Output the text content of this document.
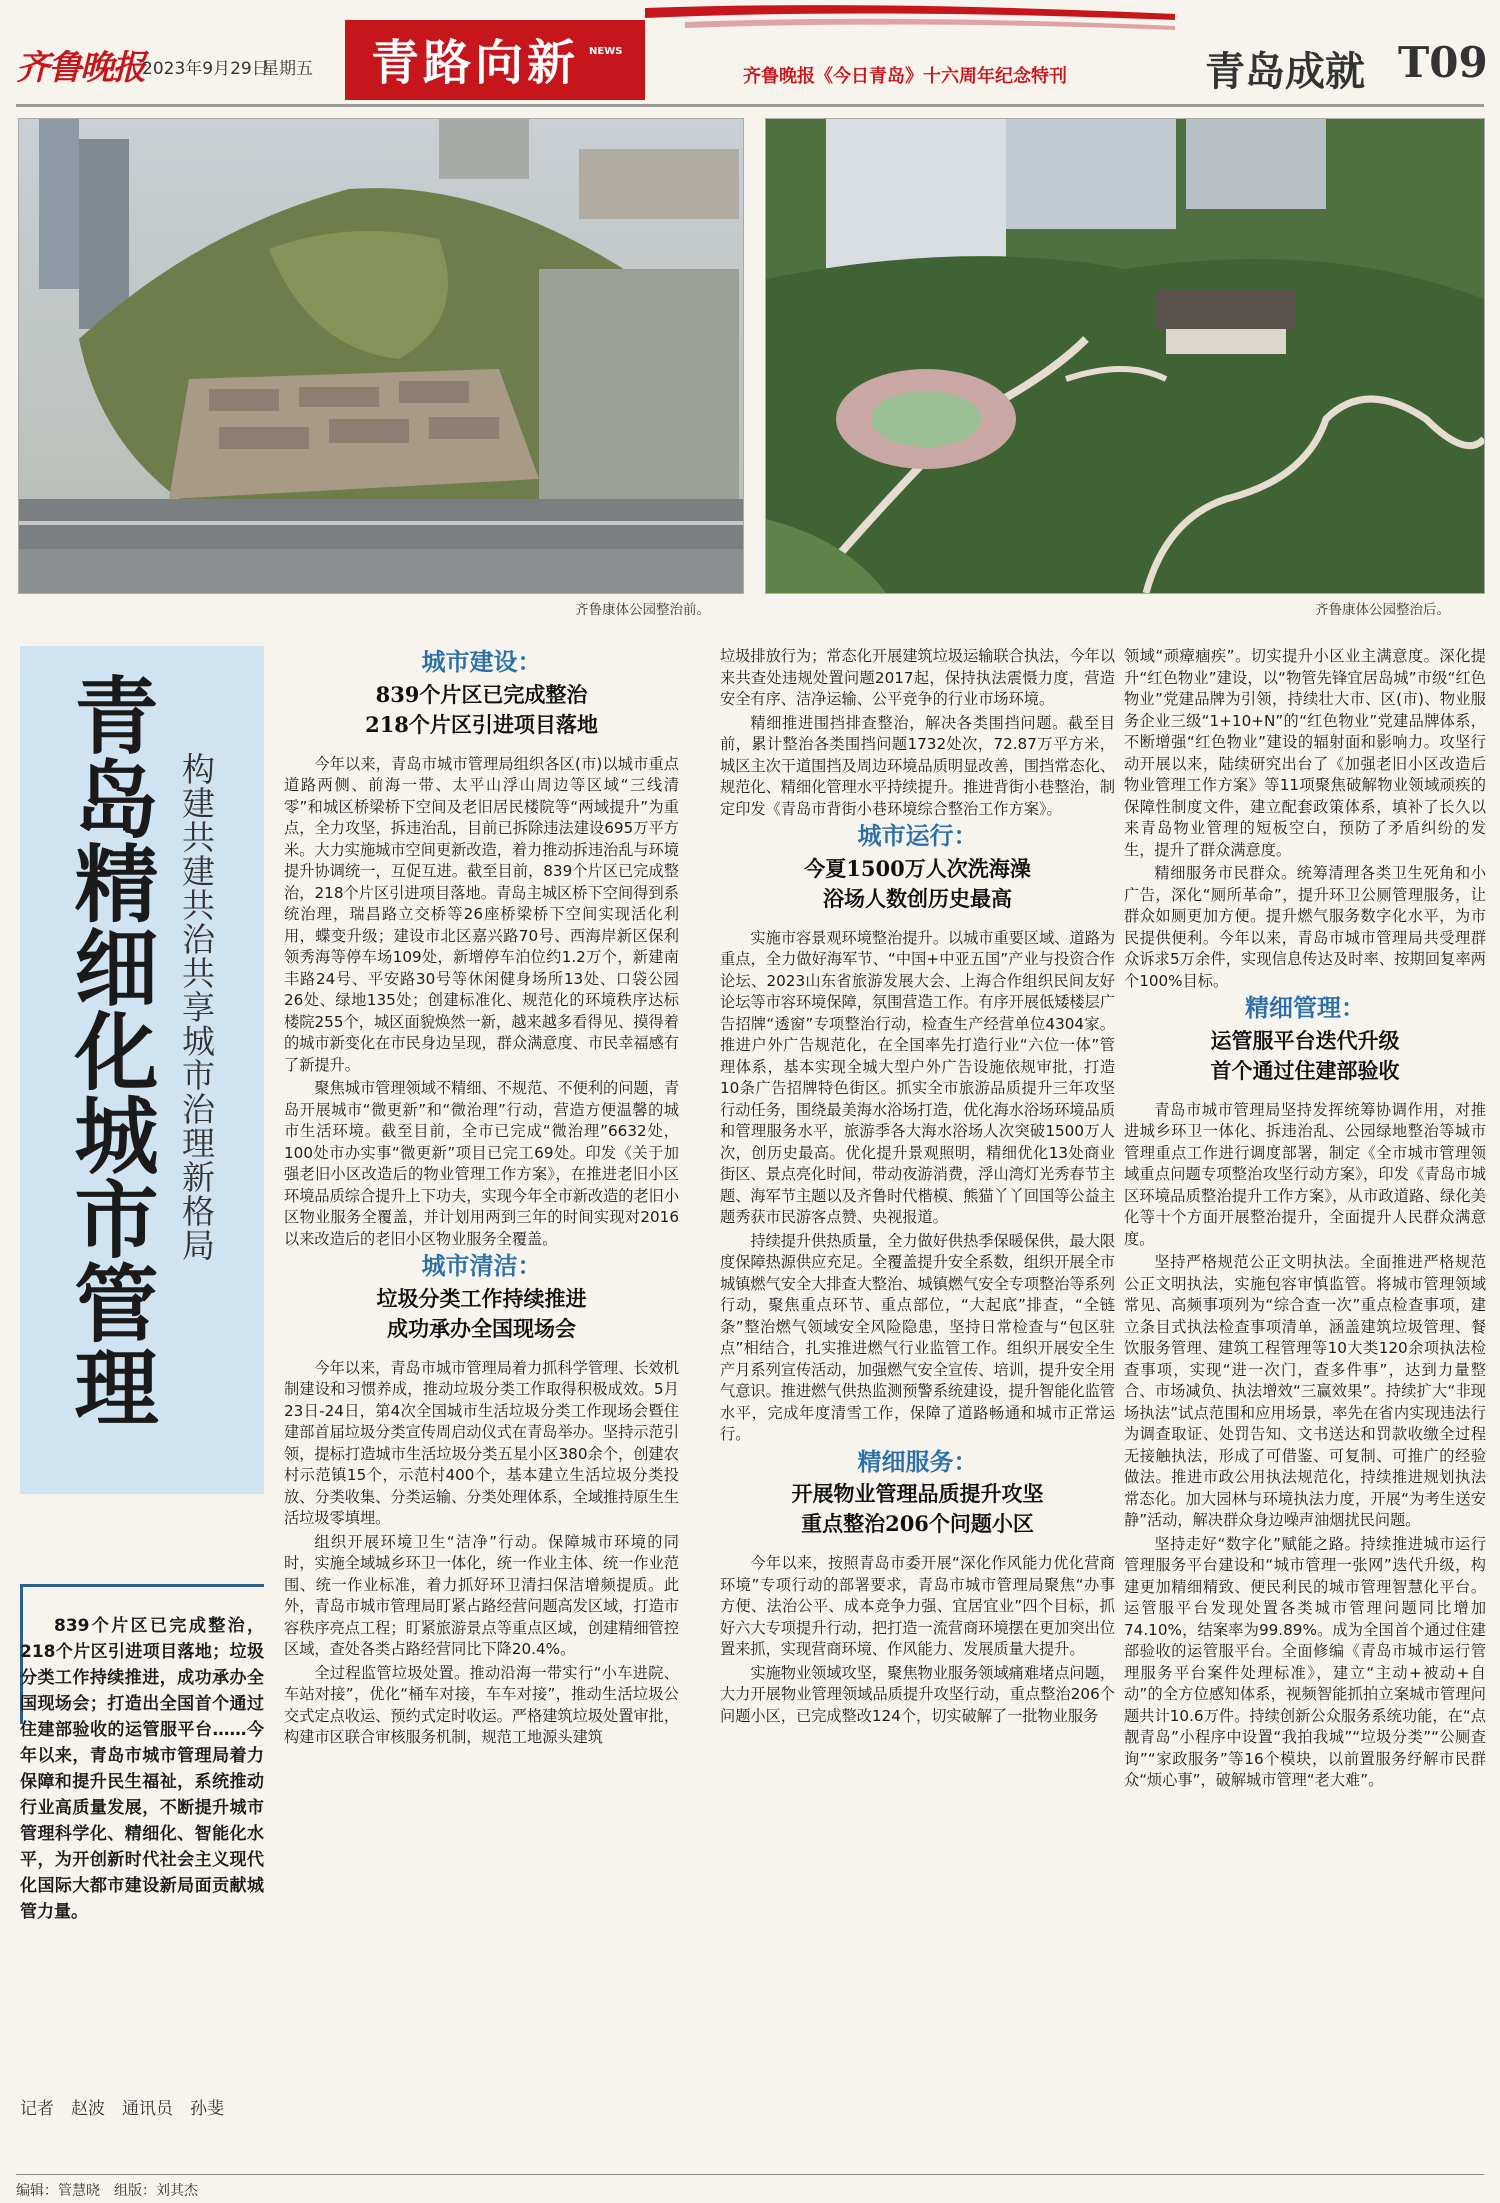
齐鲁晚报
2023年9月29日
星期五 青路向新 NEWS
齐鲁晚报《今日青岛》十六周年纪念特刊	青岛成就 T09
齐鲁康体公园整治前。	齐鲁康体公园整治后。
青岛精细化城市管理 构建共建共治共享城市治理新格局
839个片区已完成整治，218个片区引进项目落地；垃圾分类工作持续推进，成功承办全国现场会；打造出全国首个通过住建部验收的运管服平台……今年以来，青岛市城市管理局着力保障和提升民生福祉，系统推动行业高质量发展，不断提升城市管理科学化、精细化、智能化水平，为开创新时代社会主义现代化国际大都市建设新局面贡献城管力量。
记者　赵波　通讯员　孙斐
城市建设：
839个片区已完成整治
218个片区引进项目落地

今年以来，青岛市城市管理局组织各区(市)以城市重点道路两侧、前海一带、太平山浮山周边等区域“三线清零”和城区桥梁桥下空间及老旧居民楼院等“两域提升”为重点，全力攻坚，拆违治乱，目前已拆除违法建设695万平方米。大力实施城市空间更新改造，着力推动拆违治乱与环境提升协调统一，互促互进。截至目前，839个片区已完成整治，218个片区引进项目落地。青岛主城区桥下空间得到系统治理，瑞昌路立交桥等26座桥梁桥下空间实现活化利用，蝶变升级；建设市北区嘉兴路70号、西海岸新区保利领秀海等停车场109处，新增停车泊位约1.2万个，新建南丰路24号、平安路30号等休闲健身场所13处、口袋公园26处、绿地135处；创建标准化、规范化的环境秩序达标楼院255个，城区面貌焕然一新，越来越多看得见、摸得着的城市新变化在市民身边呈现，群众满意度、市民幸福感有了新提升。

聚焦城市管理领域不精细、不规范、不便利的问题，青岛开展城市“微更新”和“微治理”行动，营造方便温馨的城市生活环境。截至目前，全市已完成“微治理”6632处，100处市办实事“微更新”项目已完工69处。印发《关于加强老旧小区改造后的物业管理工作方案》，在推进老旧小区环境品质综合提升上下功夫，实现今年全市新改造的老旧小区物业服务全覆盖，并计划用两到三年的时间实现对2016以来改造后的老旧小区物业服务全覆盖。

城市清洁：
垃圾分类工作持续推进
成功承办全国现场会

今年以来，青岛市城市管理局着力抓科学管理、长效机制建设和习惯养成，推动垃圾分类工作取得积极成效。5月23日-24日，第4次全国城市生活垃圾分类工作现场会暨住建部首届垃圾分类宣传周启动仪式在青岛举办。坚持示范引领，提标打造城市生活垃圾分类五星小区380余个，创建农村示范镇15个，示范村400个，基本建立生活垃圾分类投放、分类收集、分类运输、分类处理体系，全域推持原生生活垃圾零填埋。

组织开展环境卫生“洁净”行动。保障城市环境的同时，实施全域城乡环卫一体化，统一作业主体、统一作业范围、统一作业标准，着力抓好环卫清扫保洁增频提质。此外，青岛市城市管理局盯紧占路经营问题高发区域，打造市容秩序亮点工程；盯紧旅游景点等重点区域，创建精细管控区域，查处各类占路经营同比下降20.4%。

全过程监管垃圾处置。推动沿海一带实行“小车进院、车站对接”，优化“桶车对接，车车对接”，推动生活垃圾公交式定点收运、预约式定时收运。严格建筑垃圾处置审批，构建市区联合审核服务机制，规范工地源头建筑

垃圾排放行为；常态化开展建筑垃圾运输联合执法，今年以来共查处违规处置问题2017起，保持执法震慑力度，营造安全有序、洁净运输、公平竞争的行业市场环境。

精细推进围挡排查整治，解决各类围挡问题。截至目前，累计整治各类围挡问题1732处次，72.87万平方米，城区主次干道围挡及周边环境品质明显改善，围挡常态化、规范化、精细化管理水平持续提升。推进背街小巷整治，制定印发《青岛市背街小巷环境综合整治工作方案》。

城市运行：
今夏1500万人次洗海澡
浴场人数创历史最高

实施市容景观环境整治提升。以城市重要区域、道路为重点，全力做好海军节、“中国+中亚五国”产业与投资合作论坛、2023山东省旅游发展大会、上海合作组织民间友好论坛等市容环境保障，氛围营造工作。有序开展低矮楼层广告招牌“透窗”专项整治行动，检查生产经营单位4304家。推进户外广告规范化，在全国率先打造行业“六位一体”管理体系，基本实现全城大型户外广告设施依规审批，打造10条广告招牌特色街区。抓实全市旅游品质提升三年攻坚行动任务，围绕最美海水浴场打造，优化海水浴场环境品质和管理服务水平，旅游季各大海水浴场人次突破1500万人次，创历史最高。优化提升景观照明，精细优化13处商业街区、景点亮化时间，带动夜游消费，浮山湾灯光秀春节主题、海军节主题以及齐鲁时代楷模、熊猫丫丫回国等公益主题秀获市民游客点赞、央视报道。

持续提升供热质量，全力做好供热季保暖保供，最大限度保障热源供应充足。全覆盖提升安全系数，组织开展全市城镇燃气安全大排查大整治、城镇燃气安全专项整治等系列行动，聚焦重点环节、重点部位，“大起底”排查，“全链条”整治燃气领域安全风险隐患，坚持日常检查与“包区驻点”相结合，扎实推进燃气行业监管工作。组织开展安全生产月系列宣传活动，加强燃气安全宣传、培训，提升安全用气意识。推进燃气供热监测预警系统建设，提升智能化监管水平，完成年度清雪工作，保障了道路畅通和城市正常运行。

精细服务：
开展物业管理品质提升攻坚
重点整治206个问题小区

今年以来，按照青岛市委开展“深化作风能力优化营商环境”专项行动的部署要求，青岛市城市管理局聚焦“办事方便、法治公平、成本竞争力强、宜居宜业”四个目标，抓好六大专项提升行动，把打造一流营商环境摆在更加突出位置来抓，实现营商环境、作风能力、发展质量大提升。

实施物业领域攻坚，聚焦物业服务领域痛难堵点问题，大力开展物业管理领域品质提升攻坚行动，重点整治206个问题小区，已完成整改124个，切实破解了一批物业服务

领域“顽瘴痼疾”。切实提升小区业主满意度。深化提升“红色物业”建设，以“物管先锋宜居岛城”市级“红色物业”党建品牌为引领，持续壮大市、区(市)、物业服务企业三级“1+10+N”的“红色物业”党建品牌体系，不断增强“红色物业”建设的辐射面和影响力。攻坚行动开展以来，陆续研究出台了《加强老旧小区改造后物业管理工作方案》等11项聚焦破解物业领域顽疾的保障性制度文件，建立配套政策体系，填补了长久以来青岛物业管理的短板空白，预防了矛盾纠纷的发生，提升了群众满意度。

精细服务市民群众。统筹清理各类卫生死角和小广告，深化“厕所革命”，提升环卫公厕管理服务，让群众如厕更加方便。提升燃气服务数字化水平，为市民提供便利。今年以来，青岛市城市管理局共受理群众诉求5万余件，实现信息传达及时率、按期回复率两个100%目标。

精细管理：
运管服平台迭代升级
首个通过住建部验收

青岛市城市管理局坚持发挥统筹协调作用，对推进城乡环卫一体化、拆违治乱、公园绿地整治等城市管理重点工作进行调度部署，制定《全市城市管理领域重点问题专项整治攻坚行动方案》，印发《青岛市城区环境品质整治提升工作方案》，从市政道路、绿化美化等十个方面开展整治提升，全面提升人民群众满意度。

坚持严格规范公正文明执法。全面推进严格规范公正文明执法，实施包容审慎监管。将城市管理领域常见、高频事项列为“综合查一次”重点检查事项，建立条目式执法检查事项清单，涵盖建筑垃圾管理、餐饮服务管理、建筑工程管理等10大类120余项执法检查事项，实现“进一次门，查多件事”，达到力量整合、市场减负、执法增效“三赢效果”。持续扩大“非现场执法”试点范围和应用场景，率先在省内实现违法行为调查取证、处罚告知、文书送达和罚款收缴全过程无接触执法，形成了可借鉴、可复制、可推广的经验做法。推进市政公用执法规范化，持续推进规划执法常态化。加大园林与环境执法力度，开展“为考生送安静”活动，解决群众身边噪声油烟扰民问题。

坚持走好“数字化”赋能之路。持续推进城市运行管理服务平台建设和“城市管理一张网”迭代升级，构建更加精细精致、便民利民的城市管理智慧化平台。运管服平台发现处置各类城市管理问题同比增加74.10%，结案率为99.89%。成为全国首个通过住建部验收的运管服平台。全面修编《青岛市城市运行管理服务平台案件处理标准》，建立“主动+被动+自动”的全方位感知体系，视频智能抓拍立案城市管理问题共计10.6万件。持续创新公众服务系统功能，在“点靓青岛”小程序中设置“我拍我城”“垃圾分类”“公厕查询”“家政服务”等16个模块，以前置服务纾解市民群众“烦心事”，破解城市管理“老大难”。

编辑：管慧晓　组版：刘其杰
